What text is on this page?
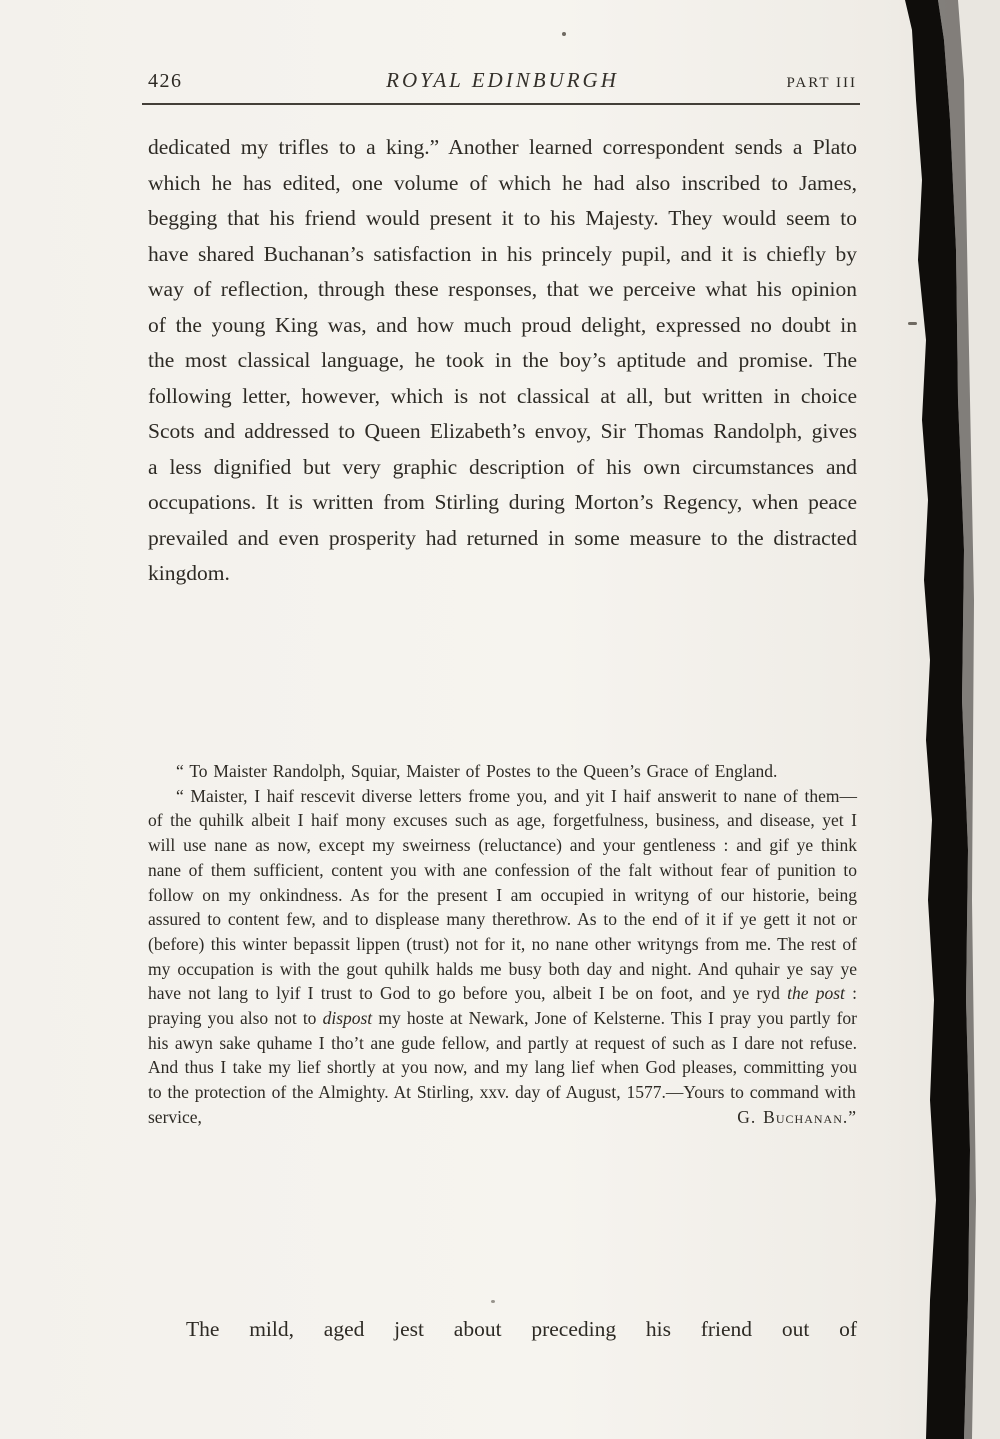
426	ROYAL EDINBURGH	PART III

dedicated my trifles to a king.” Another learned correspondent sends a Plato which he has edited, one volume of which he had also inscribed to James, begging that his friend would present it to his Majesty. They would seem to have shared Buchanan’s satisfaction in his princely pupil, and it is chiefly by way of reflection, through these responses, that we perceive what his opinion of the young King was, and how much proud delight, expressed no doubt in the most classical language, he took in the boy’s aptitude and promise. The following letter, however, which is not classical at all, but written in choice Scots and addressed to Queen Elizabeth’s envoy, Sir Thomas Randolph, gives a less dignified but very graphic description of his own circumstances and occupations. It is written from Stirling during Morton’s Regency, when peace prevailed and even prosperity had returned in some measure to the distracted kingdom.

“ To Maister Randolph, Squiar, Maister of Postes to the Queen’s Grace of England.

“ Maister, I haif rescevit diverse letters frome you, and yit I haif answerit to nane of them—of the quhilk albeit I haif mony excuses such as age, forgetfulness, business, and disease, yet I will use nane as now, except my sweirness (reluctance) and your gentleness : and gif ye think nane of them sufficient, content you with ane confession of the falt without fear of punition to follow on my onkindness. As for the present I am occupied in writyng of our historie, being assured to content few, and to displease many therethrow. As to the end of it if ye gett it not or (before) this winter bepassit lippen (trust) not for it, no nane other writyngs from me. The rest of my occupation is with the gout quhilk halds me busy both day and night. And quhair ye say ye have not lang to lyif I trust to God to go before you, albeit I be on foot, and ye ryd the post : praying you also not to dispost my hoste at Newark, Jone of Kelsterne. This I pray you partly for his awyn sake quhame I tho’t ane gude fellow, and partly at request of such as I dare not refuse. And thus I take my lief shortly at you now, and my lang lief when God pleases, committing you to the protection of the Almighty. At Stirling, xxv. day of August, 1577.—Yours to command with

service,	G. Buchanan.”

The mild, aged jest about preceding his friend out of
